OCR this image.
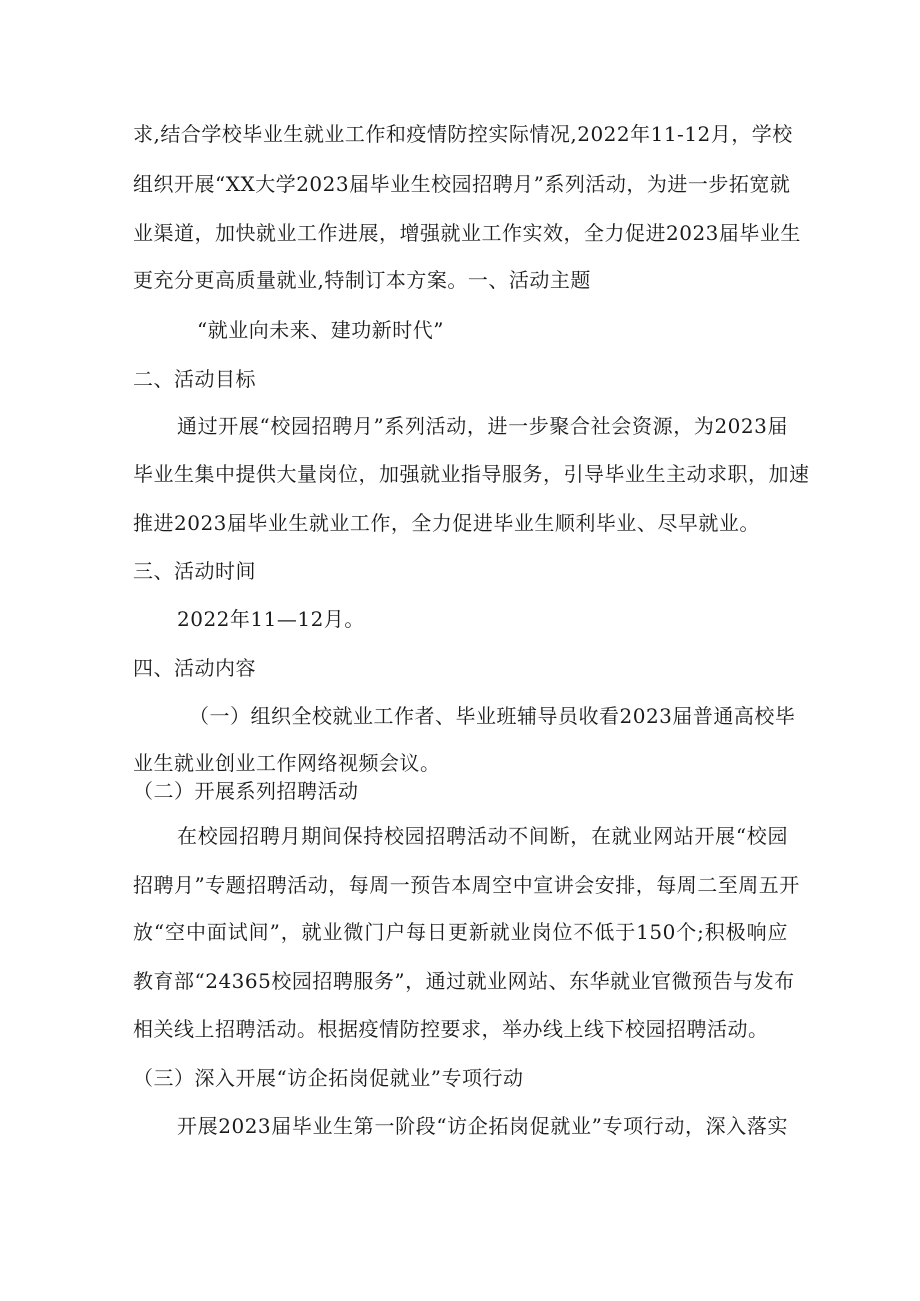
求,结合学校毕业生就业工作和疫情防控实际情况,2022年11-12月，学校
组织开展“XX大学2023届毕业生校园招聘月”系列活动，为进一步拓宽就
业渠道，加快就业工作进展，增强就业工作实效，全力促进2023届毕业生
更充分更高质量就业,特制订本方案。一、活动主题
“就业向未来、建功新时代”
二、活动目标
通过开展“校园招聘月”系列活动，进一步聚合社会资源，为2023届
毕业生集中提供大量岗位，加强就业指导服务，引导毕业生主动求职，加速
推进2023届毕业生就业工作，全力促进毕业生顺利毕业、尽早就业。
三、活动时间
2022年11—12月。
四、活动内容
（一）组织全校就业工作者、毕业班辅导员收看2023届普通高校毕
业生就业创业工作网络视频会议。
（二）开展系列招聘活动
在校园招聘月期间保持校园招聘活动不间断，在就业网站开展“校园
招聘月”专题招聘活动，每周一预告本周空中宣讲会安排，每周二至周五开
放“空中面试间”，就业微门户每日更新就业岗位不低于150个;积极响应
教育部“24365校园招聘服务”，通过就业网站、东华就业官微预告与发布
相关线上招聘活动。根据疫情防控要求，举办线上线下校园招聘活动。
（三）深入开展“访企拓岗促就业”专项行动
开展2023届毕业生第一阶段“访企拓岗促就业”专项行动，深入落实
